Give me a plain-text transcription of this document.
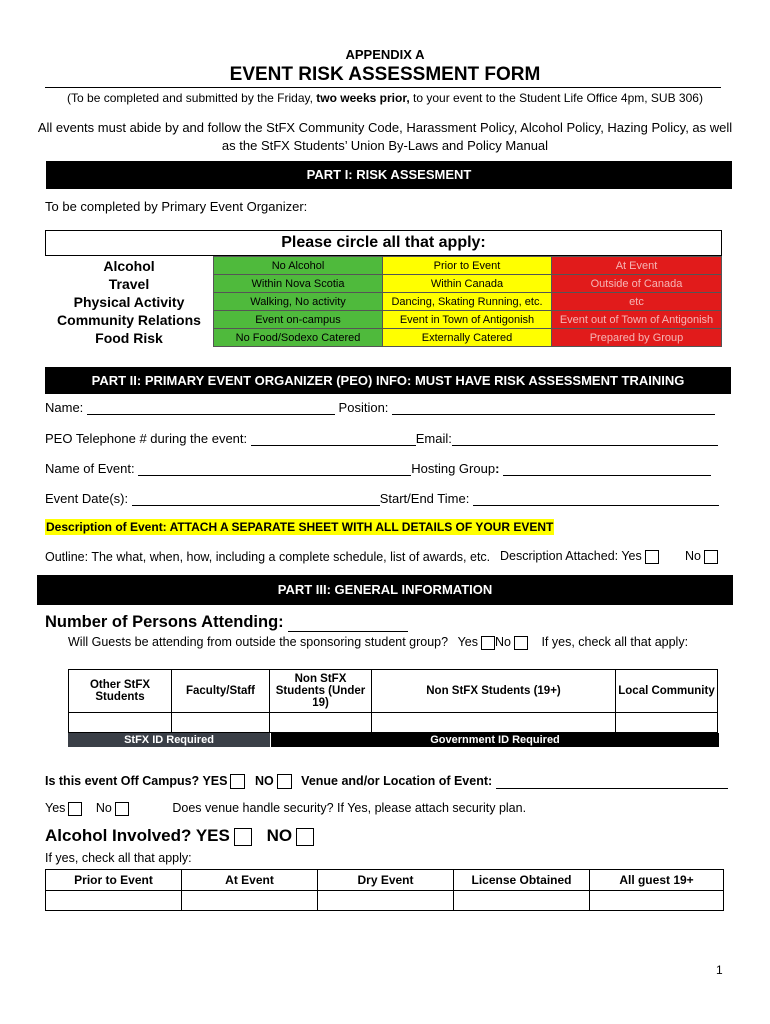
APPENDIX A
EVENT RISK ASSESSMENT FORM
(To be completed and submitted by the Friday, two weeks prior, to your event to the Student Life Office 4pm, SUB 306)
All events must abide by and follow the StFX Community Code, Harassment Policy, Alcohol Policy, Hazing Policy, as well
as the StFX Students’ Union By-Laws and Policy Manual
PART I: RISK ASSESMENT
To be completed by Primary Event Organizer:
Please circle all that apply:
Alcohol	No Alcohol	Prior to Event	At Event
Travel	Within Nova Scotia	Within Canada	Outside of Canada
Physical Activity	Walking, No activity	Dancing, Skating Running, etc.	etc
Community Relations	Event on-campus	Event in Town of Antigonish	Event out of Town of Antigonish
Food Risk	No Food/Sodexo Catered	Externally Catered	Prepared by Group
PART II: PRIMARY EVENT ORGANIZER (PEO) INFO: MUST HAVE RISK ASSESSMENT TRAINING
Name:	Position:
PEO Telephone # during the event:	Email:
Name of Event:	Hosting Group:
Event Date(s):	Start/End Time:
Description of Event: ATTACH A SEPARATE SHEET WITH ALL DETAILS OF YOUR EVENT
Outline: The what, when, how, including a complete schedule, list of awards, etc. Description Attached: Yes	No
PART III: GENERAL INFORMATION
Number of Persons Attending:
Will Guests be attending from outside the sponsoring student group? Yes No If yes, check all that apply:
Other StFX Students	Faculty/Staff	Non StFX Students (Under 19)	Non StFX Students (19+)	Local Community

StFX ID Required	Government ID Required
Is this event Off Campus? YES NO Venue and/or Location of Event:
Yes No	Does venue handle security? If Yes, please attach security plan.
Alcohol Involved? YES NO
If yes, check all that apply:
Prior to Event	At Event	Dry Event	License Obtained	All guest 19+

1
